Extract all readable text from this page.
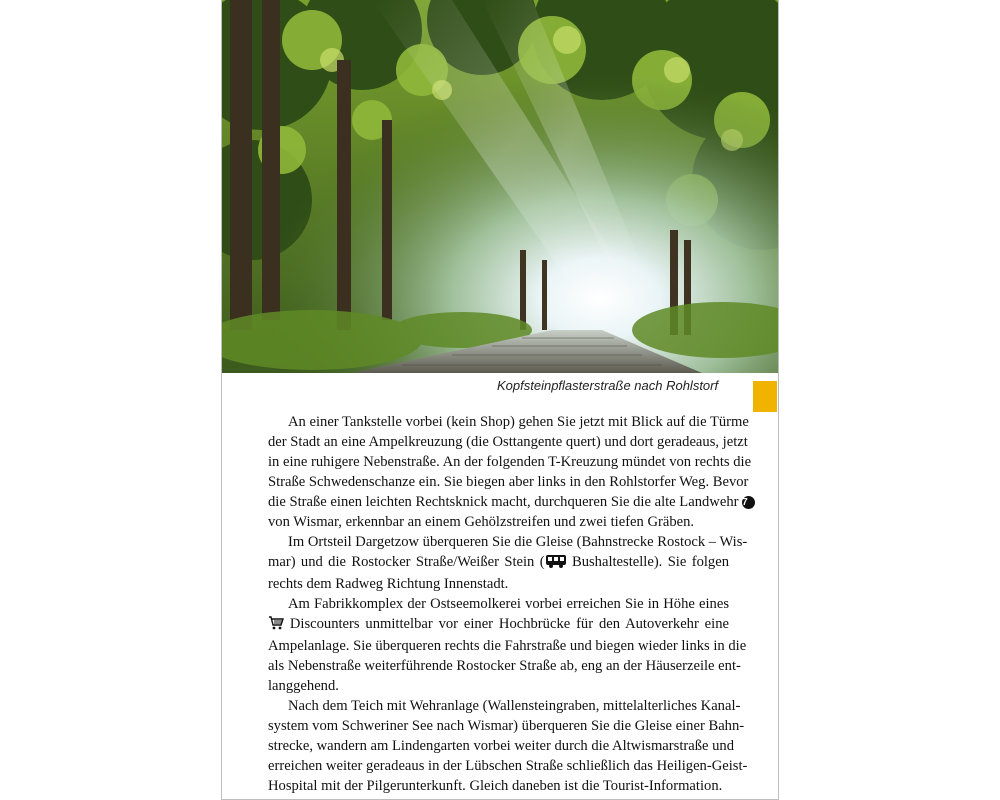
Kopfsteinpflasterstraße nach Rohlstorf
An einer Tankstelle vorbei (kein Shop) gehen Sie jetzt mit Blick auf die Türme
der Stadt an eine Ampelkreuzung (die Osttangente quert) und dort geradeaus, jetzt
in eine ruhigere Nebenstraße. An der folgenden T-Kreuzung mündet von rechts die
Straße Schwedenschanze ein. Sie biegen aber links in den Rohlstorfer Weg. Bevor
die Straße einen leichten Rechtsknick macht, durchqueren Sie die alte Landwehr 7
von Wismar, erkennbar an einem Gehölzstreifen und zwei tiefen Gräben.
Im Ortsteil Dargetzow überqueren Sie die Gleise (Bahnstrecke Rostock – Wis-
mar) und die Rostocker Straße/Weißer Stein ( Bushaltestelle). Sie folgen
rechts dem Radweg Richtung Innenstadt.
Am Fabrikkomplex der Ostseemolkerei vorbei erreichen Sie in Höhe eines
Discounters unmittelbar vor einer Hochbrücke für den Autoverkehr eine
Ampelanlage. Sie überqueren rechts die Fahrstraße und biegen wieder links in die
als Nebenstraße weiterführende Rostocker Straße ab, eng an der Häuserzeile ent-
langgehend.
Nach dem Teich mit Wehranlage (Wallensteingraben, mittelalterliches Kanal-
system vom Schweriner See nach Wismar) überqueren Sie die Gleise einer Bahn-
strecke, wandern am Lindengarten vorbei weiter durch die Altwismarstraße und
erreichen weiter geradeaus in der Lübschen Straße schließlich das Heiligen-Geist-
Hospital mit der Pilgerunterkunft. Gleich daneben ist die Tourist-Information.
